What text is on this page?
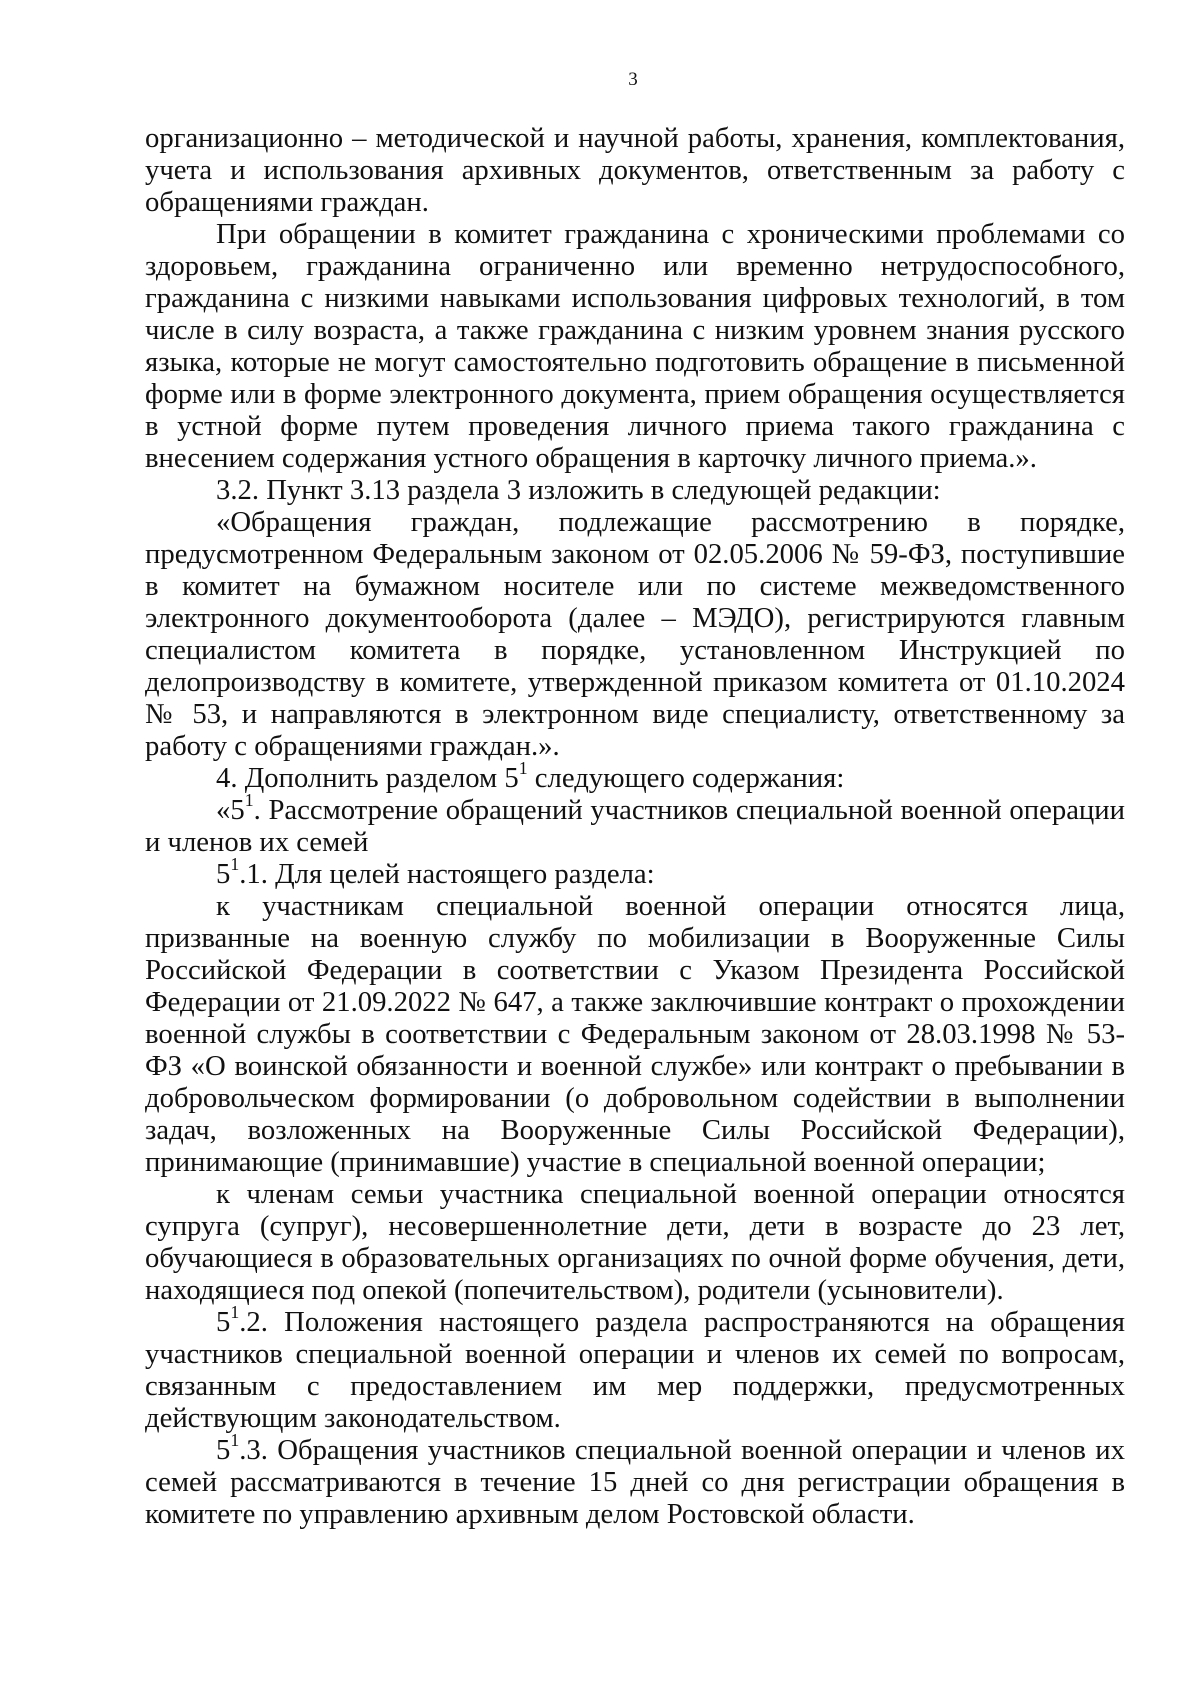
3

организационно – методической и научной работы, хранения, комплектования, учета и использования архивных документов, ответственным за работу с обращениями граждан.

При обращении в комитет гражданина с хроническими проблемами со здоровьем, гражданина ограниченно или временно нетрудоспособного, гражданина с низкими навыками использования цифровых технологий, в том числе в силу возраста, а также гражданина с низким уровнем знания русского языка, которые не могут самостоятельно подготовить обращение в письменной форме или в форме электронного документа, прием обращения осуществляется в устной форме путем проведения личного приема такого гражданина с внесением содержания устного обращения в карточку личного приема.».

3.2. Пункт 3.13 раздела 3 изложить в следующей редакции:

«Обращения граждан, подлежащие рассмотрению в порядке, предусмотренном Федеральным законом от 02.05.2006 № 59-ФЗ, поступившие в комитет на бумажном носителе или по системе межведомственного электронного документооборота (далее – МЭДО), регистрируются главным специалистом комитета в порядке, установленном Инструкцией по делопроизводству в комитете, утвержденной приказом комитета от 01.10.2024 № 53, и направляются в электронном виде специалисту, ответственному за работу с обращениями граждан.».

4. Дополнить разделом $5^1$ следующего содержания:

«$5^1$. Рассмотрение обращений участников специальной военной операции и членов их семей

$5^1.1$. Для целей настоящего раздела:

к участникам специальной военной операции относятся лица, призванные на военную службу по мобилизации в Вооруженные Силы Российской Федерации в соответствии с Указом Президента Российской Федерации от 21.09.2022 № 647, а также заключившие контракт о прохождении военной службы в соответствии с Федеральным законом от 28.03.1998 № 53-ФЗ «О воинской обязанности и военной службе» или контракт о пребывании в добровольческом формировании (о добровольном содействии в выполнении задач, возложенных на Вооруженные Силы Российской Федерации), принимающие (принимавшие) участие в специальной военной операции;

к членам семьи участника специальной военной операции относятся супруга (супруг), несовершеннолетние дети, дети в возрасте до 23 лет, обучающиеся в образовательных организациях по очной форме обучения, дети, находящиеся под опекой (попечительством), родители (усыновители).

$5^1.2$. Положения настоящего раздела распространяются на обращения участников специальной военной операции и членов их семей по вопросам, связанным с предоставлением им мер поддержки, предусмотренных действующим законодательством.

$5^1.3$. Обращения участников специальной военной операции и членов их семей рассматриваются в течение 15 дней со дня регистрации обращения в комитете по управлению архивным делом Ростовской области.
